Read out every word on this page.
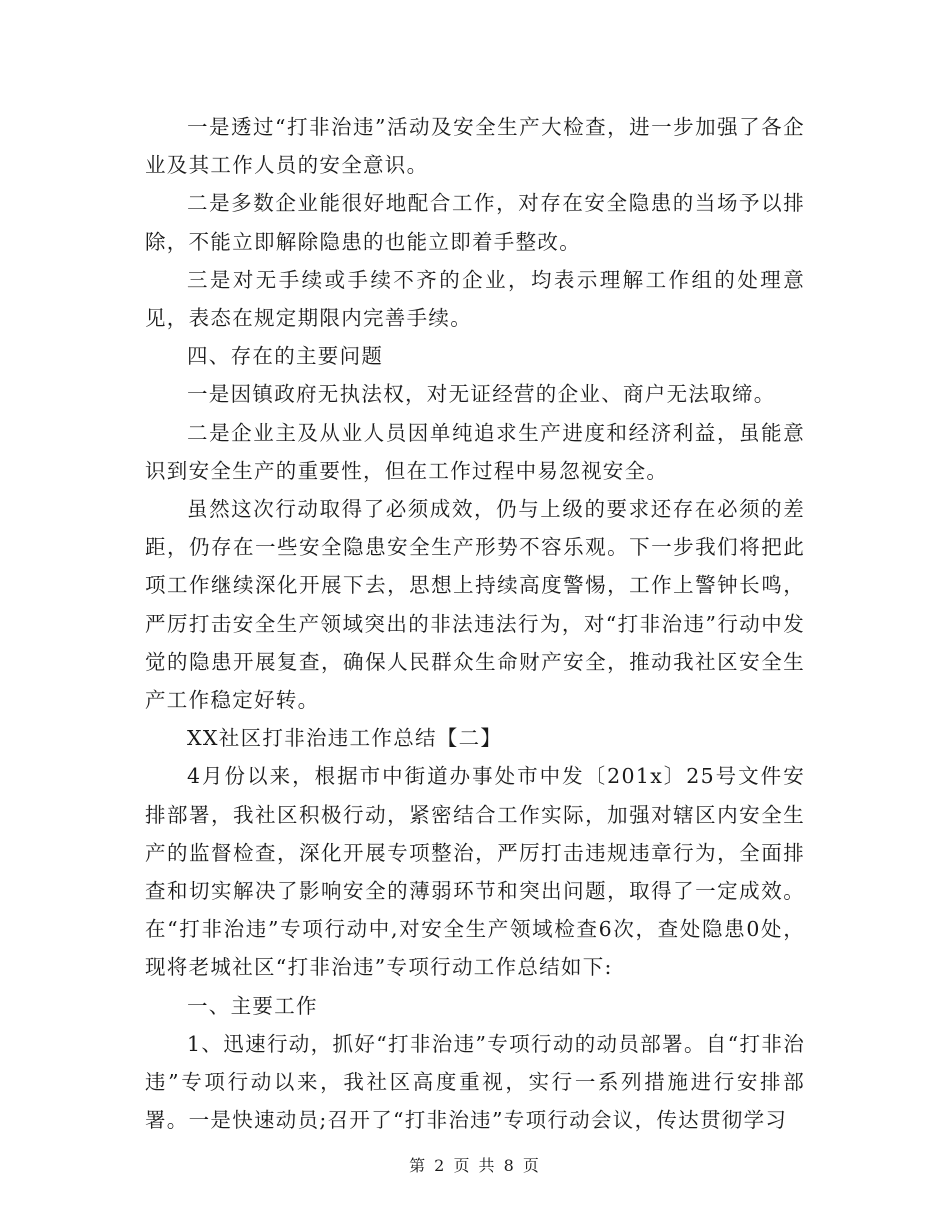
一是透过“打非治违”活动及安全生产大检查，进一步加强了各企业及其工作人员的安全意识。

二是多数企业能很好地配合工作，对存在安全隐患的当场予以排除，不能立即解除隐患的也能立即着手整改。

三是对无手续或手续不齐的企业，均表示理解工作组的处理意见，表态在规定期限内完善手续。

四、存在的主要问题

一是因镇政府无执法权，对无证经营的企业、商户无法取缔。

二是企业主及从业人员因单纯追求生产进度和经济利益，虽能意识到安全生产的重要性，但在工作过程中易忽视安全。

虽然这次行动取得了必须成效，仍与上级的要求还存在必须的差距，仍存在一些安全隐患安全生产形势不容乐观。下一步我们将把此项工作继续深化开展下去，思想上持续高度警惕，工作上警钟长鸣，严厉打击安全生产领域突出的非法违法行为，对“打非治违”行动中发觉的隐患开展复查，确保人民群众生命财产安全，推动我社区安全生产工作稳定好转。

XX社区打非治违工作总结【二】

4月份以来，根据市中街道办事处市中发〔201x〕25号文件安排部署，我社区积极行动，紧密结合工作实际，加强对辖区内安全生产的监督检查，深化开展专项整治，严厉打击违规违章行为，全面排查和切实解决了影响安全的薄弱环节和突出问题，取得了一定成效。在“打非治违”专项行动中,对安全生产领域检查6次，查处隐患0处，现将老城社区“打非治违”专项行动工作总结如下:

一、主要工作

1、迅速行动，抓好“打非治违”专项行动的动员部署。自“打非治违”专项行动以来，我社区高度重视，实行一系列措施进行安排部署。一是快速动员;召开了“打非治违”专项行动会议，传达贯彻学习

第 2 页 共 8 页
